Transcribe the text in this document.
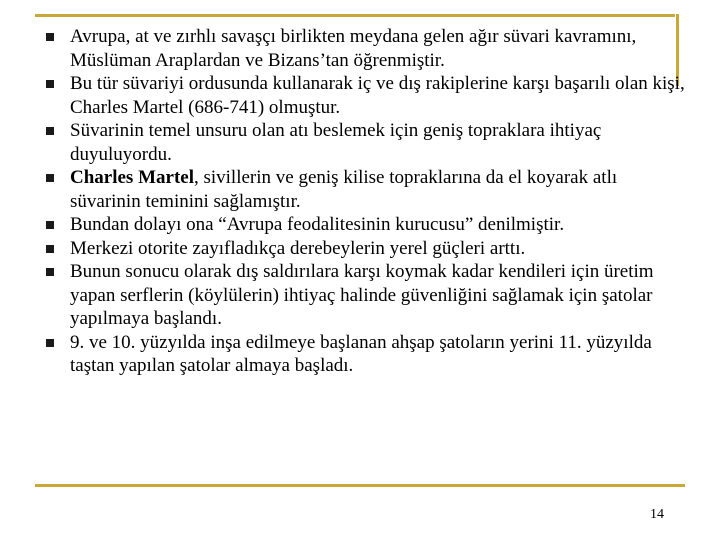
Avrupa, at ve zırhlı savaşçı birlikten meydana gelen ağır süvari kavramını, Müslüman Araplardan ve Bizans’tan öğrenmiştir.
Bu tür süvariyi ordusunda kullanarak iç ve dış rakiplerine karşı başarılı olan kişi, Charles Martel (686-741) olmuştur.
Süvarinin temel unsuru olan atı beslemek için geniş topraklara ihtiyaç duyuluyordu.
Charles Martel, sivillerin ve geniş kilise topraklarına da el koyarak atlı süvarinin teminini sağlamıştır.
Bundan dolayı ona “Avrupa feodalitesinin kurucusu” denilmiştir.
Merkezi otorite zayıfladıkça derebeylerin yerel güçleri arttı.
Bunun sonucu olarak dış saldırılara karşı koymak kadar kendileri için üretim yapan serflerin (köylülerin) ihtiyaç halinde güvenliğini sağlamak için şatolar yapılmaya başlandı.
9. ve 10. yüzyılda inşa edilmeye başlanan ahşap şatoların yerini 11. yüzyılda taştan yapılan şatolar almaya başladı.
14
